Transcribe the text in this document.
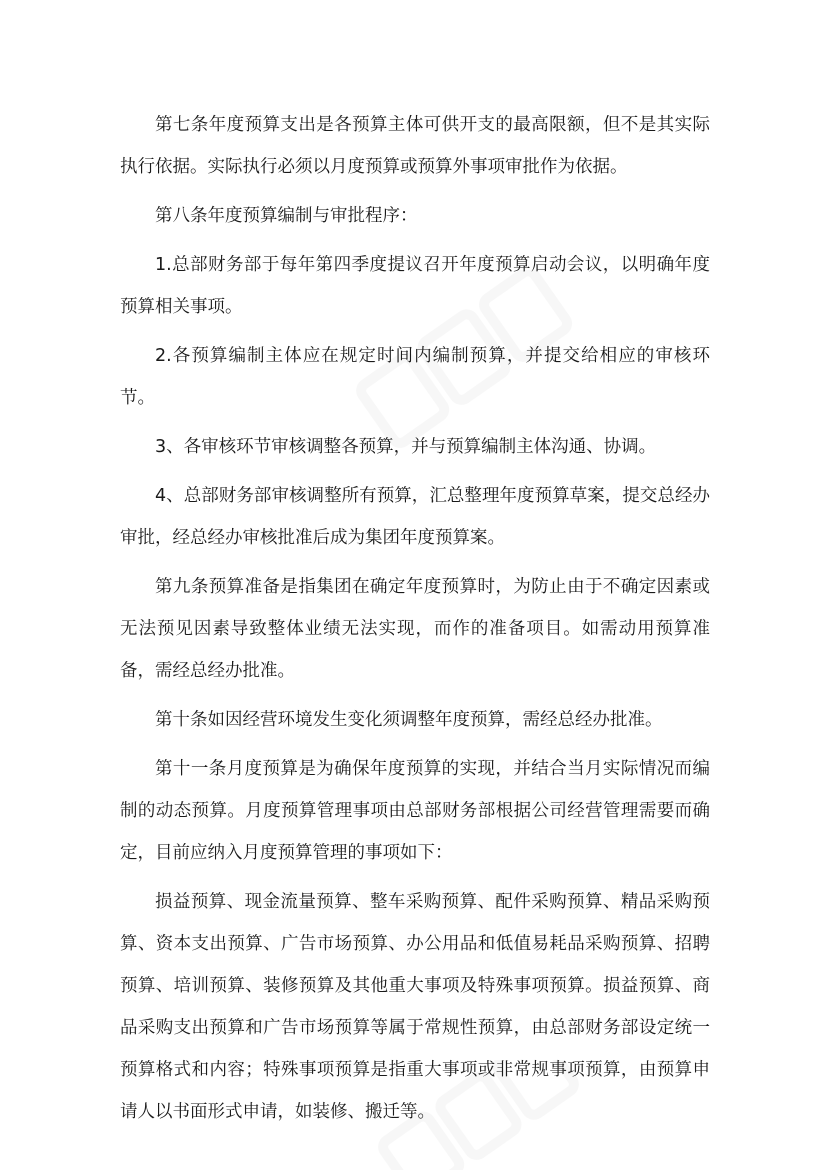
第七条年度预算支出是各预算主体可供开支的最高限额，但不是其实际执行依据。实际执行必须以月度预算或预算外事项审批作为依据。

第八条年度预算编制与审批程序：

1.总部财务部于每年第四季度提议召开年度预算启动会议，以明确年度预算相关事项。

2.各预算编制主体应在规定时间内编制预算，并提交给相应的审核环节。

3、各审核环节审核调整各预算，并与预算编制主体沟通、协调。

4、总部财务部审核调整所有预算，汇总整理年度预算草案，提交总经办审批，经总经办审核批准后成为集团年度预算案。

第九条预算准备是指集团在确定年度预算时，为防止由于不确定因素或无法预见因素导致整体业绩无法实现，而作的准备项目。如需动用预算准备，需经总经办批准。

第十条如因经营环境发生变化须调整年度预算，需经总经办批准。

第十一条月度预算是为确保年度预算的实现，并结合当月实际情况而编制的动态预算。月度预算管理事项由总部财务部根据公司经营管理需要而确定，目前应纳入月度预算管理的事项如下：

损益预算、现金流量预算、整车采购预算、配件采购预算、精品采购预算、资本支出预算、广告市场预算、办公用品和低值易耗品采购预算、招聘预算、培训预算、装修预算及其他重大事项及特殊事项预算。损益预算、商品采购支出预算和广告市场预算等属于常规性预算，由总部财务部设定统一预算格式和内容；特殊事项预算是指重大事项或非常规事项预算，由预算申请人以书面形式申请，如装修、搬迁等。
